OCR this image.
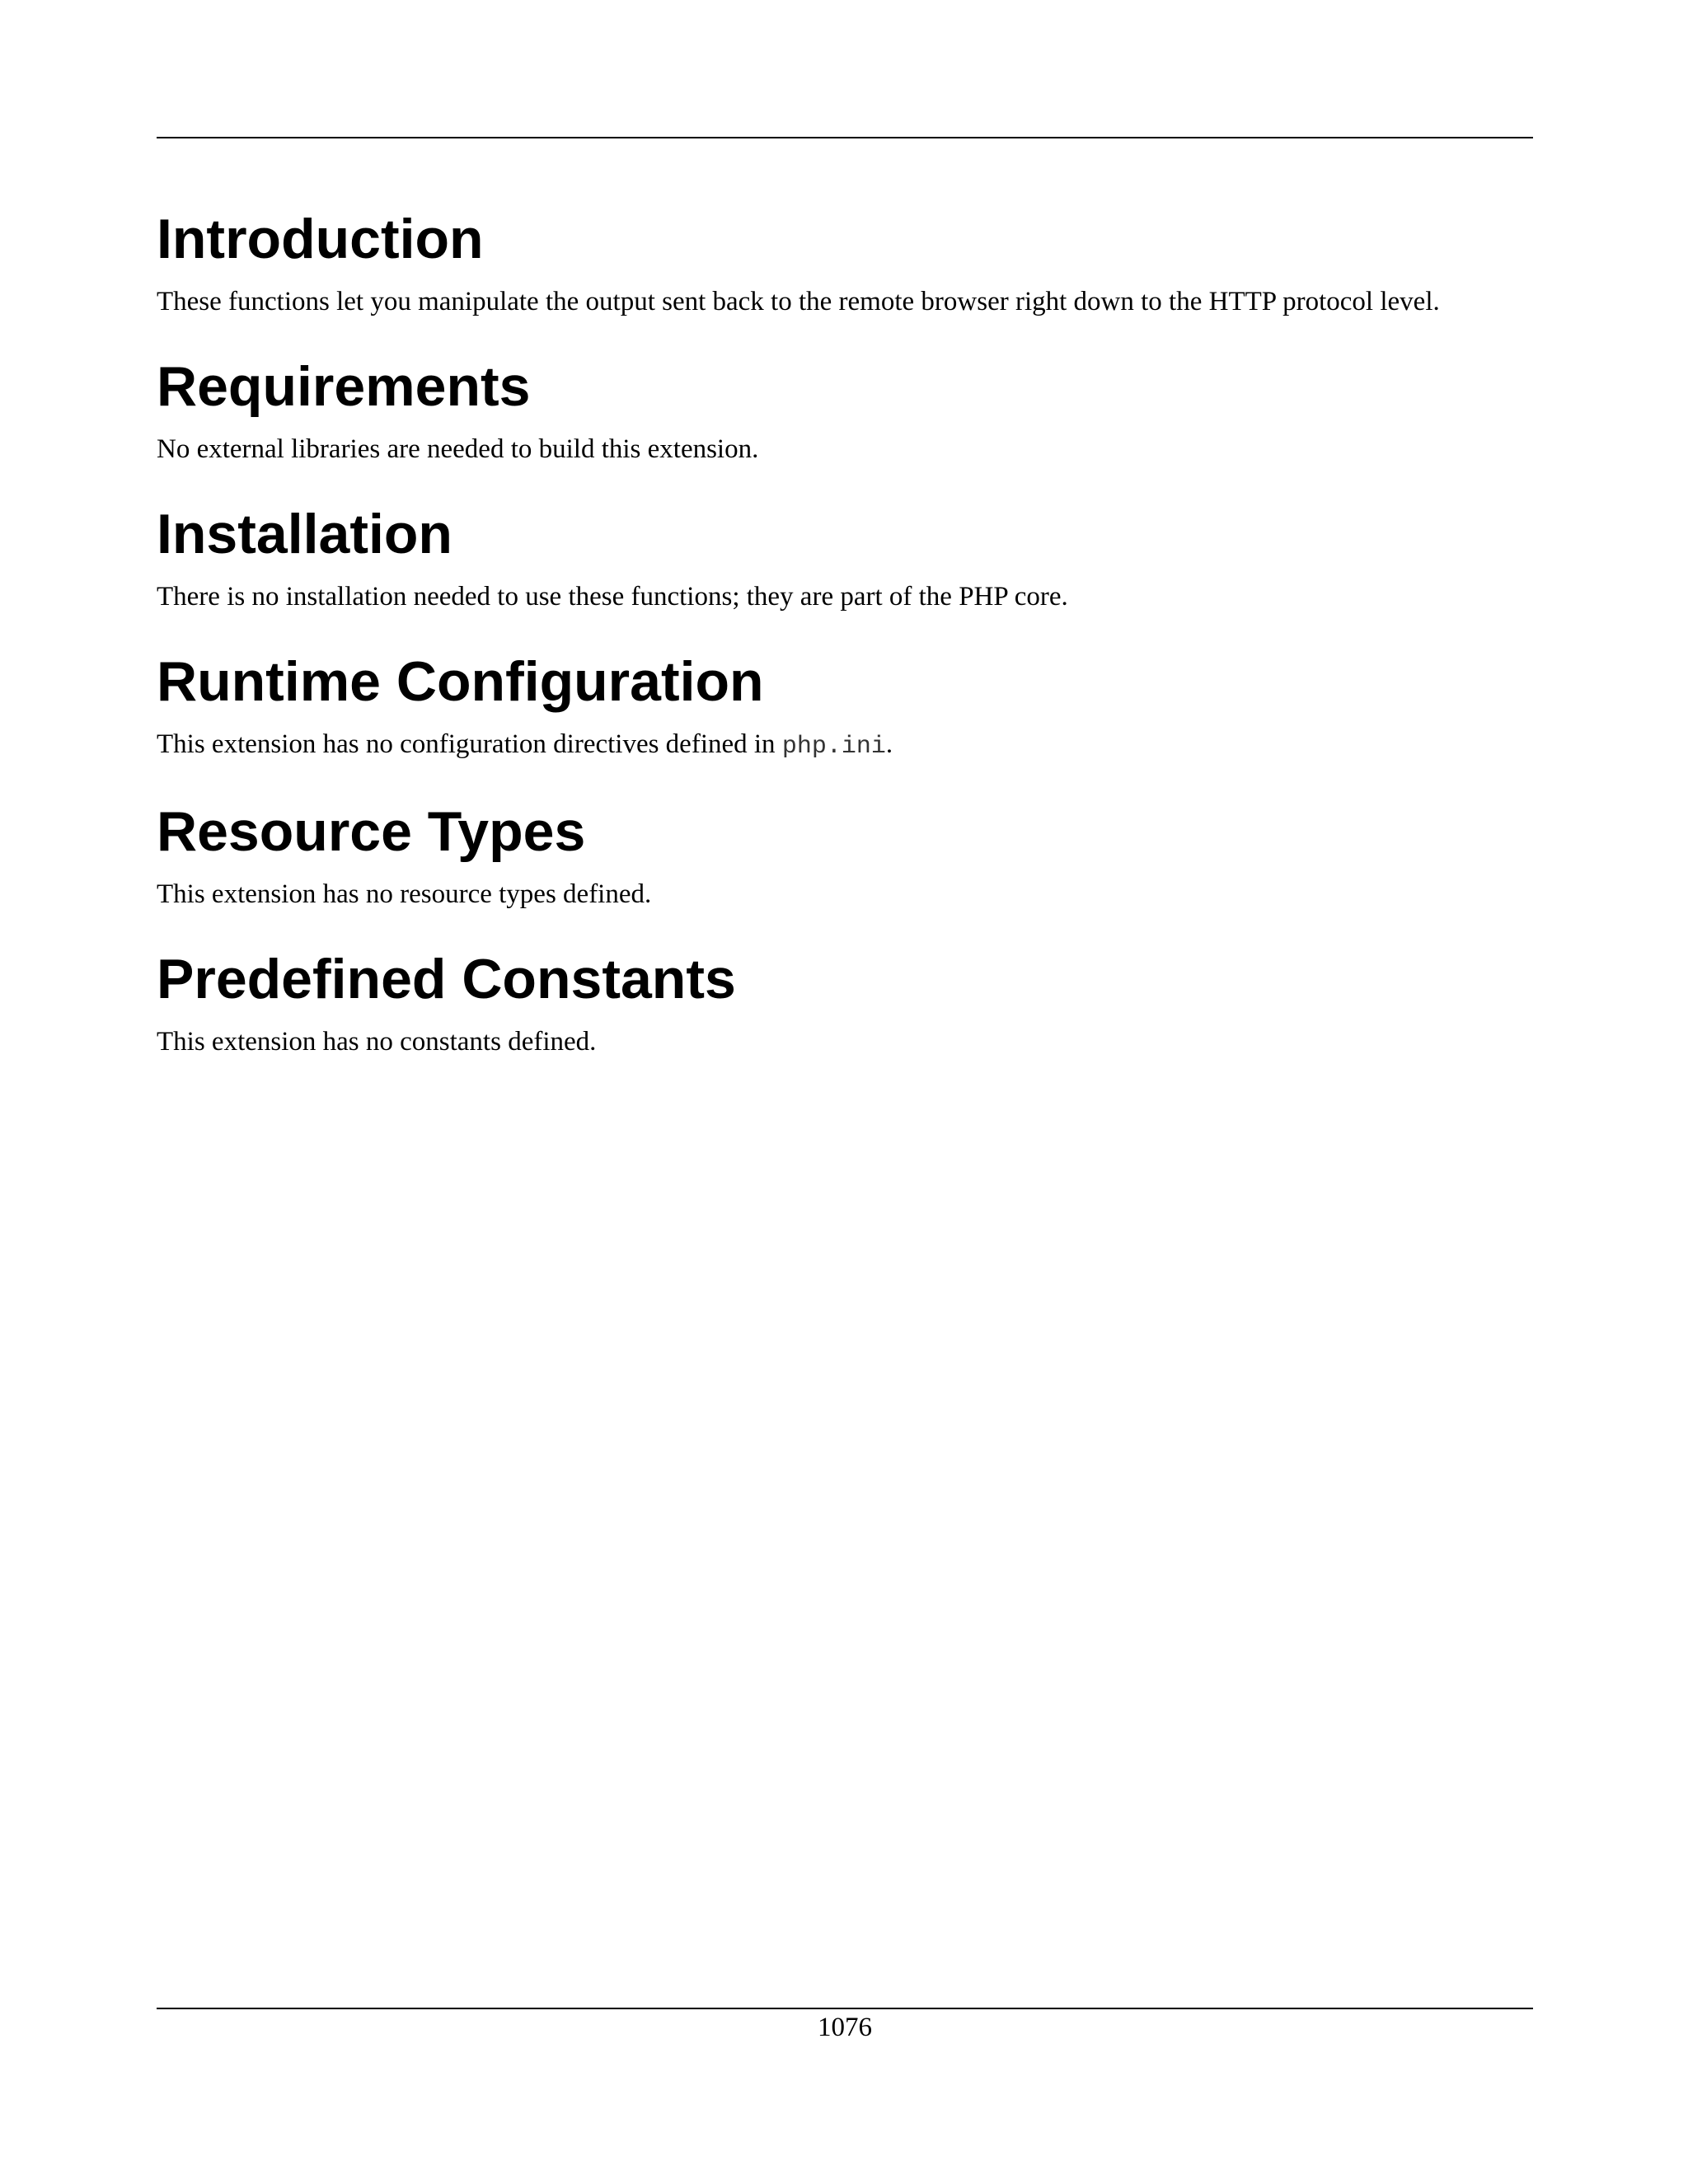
Introduction

These functions let you manipulate the output sent back to the remote browser right down to the HTTP protocol level.

Requirements

No external libraries are needed to build this extension.

Installation

There is no installation needed to use these functions; they are part of the PHP core.

Runtime Configuration

This extension has no configuration directives defined in php.ini.

Resource Types

This extension has no resource types defined.

Predefined Constants

This extension has no constants defined.

1076
